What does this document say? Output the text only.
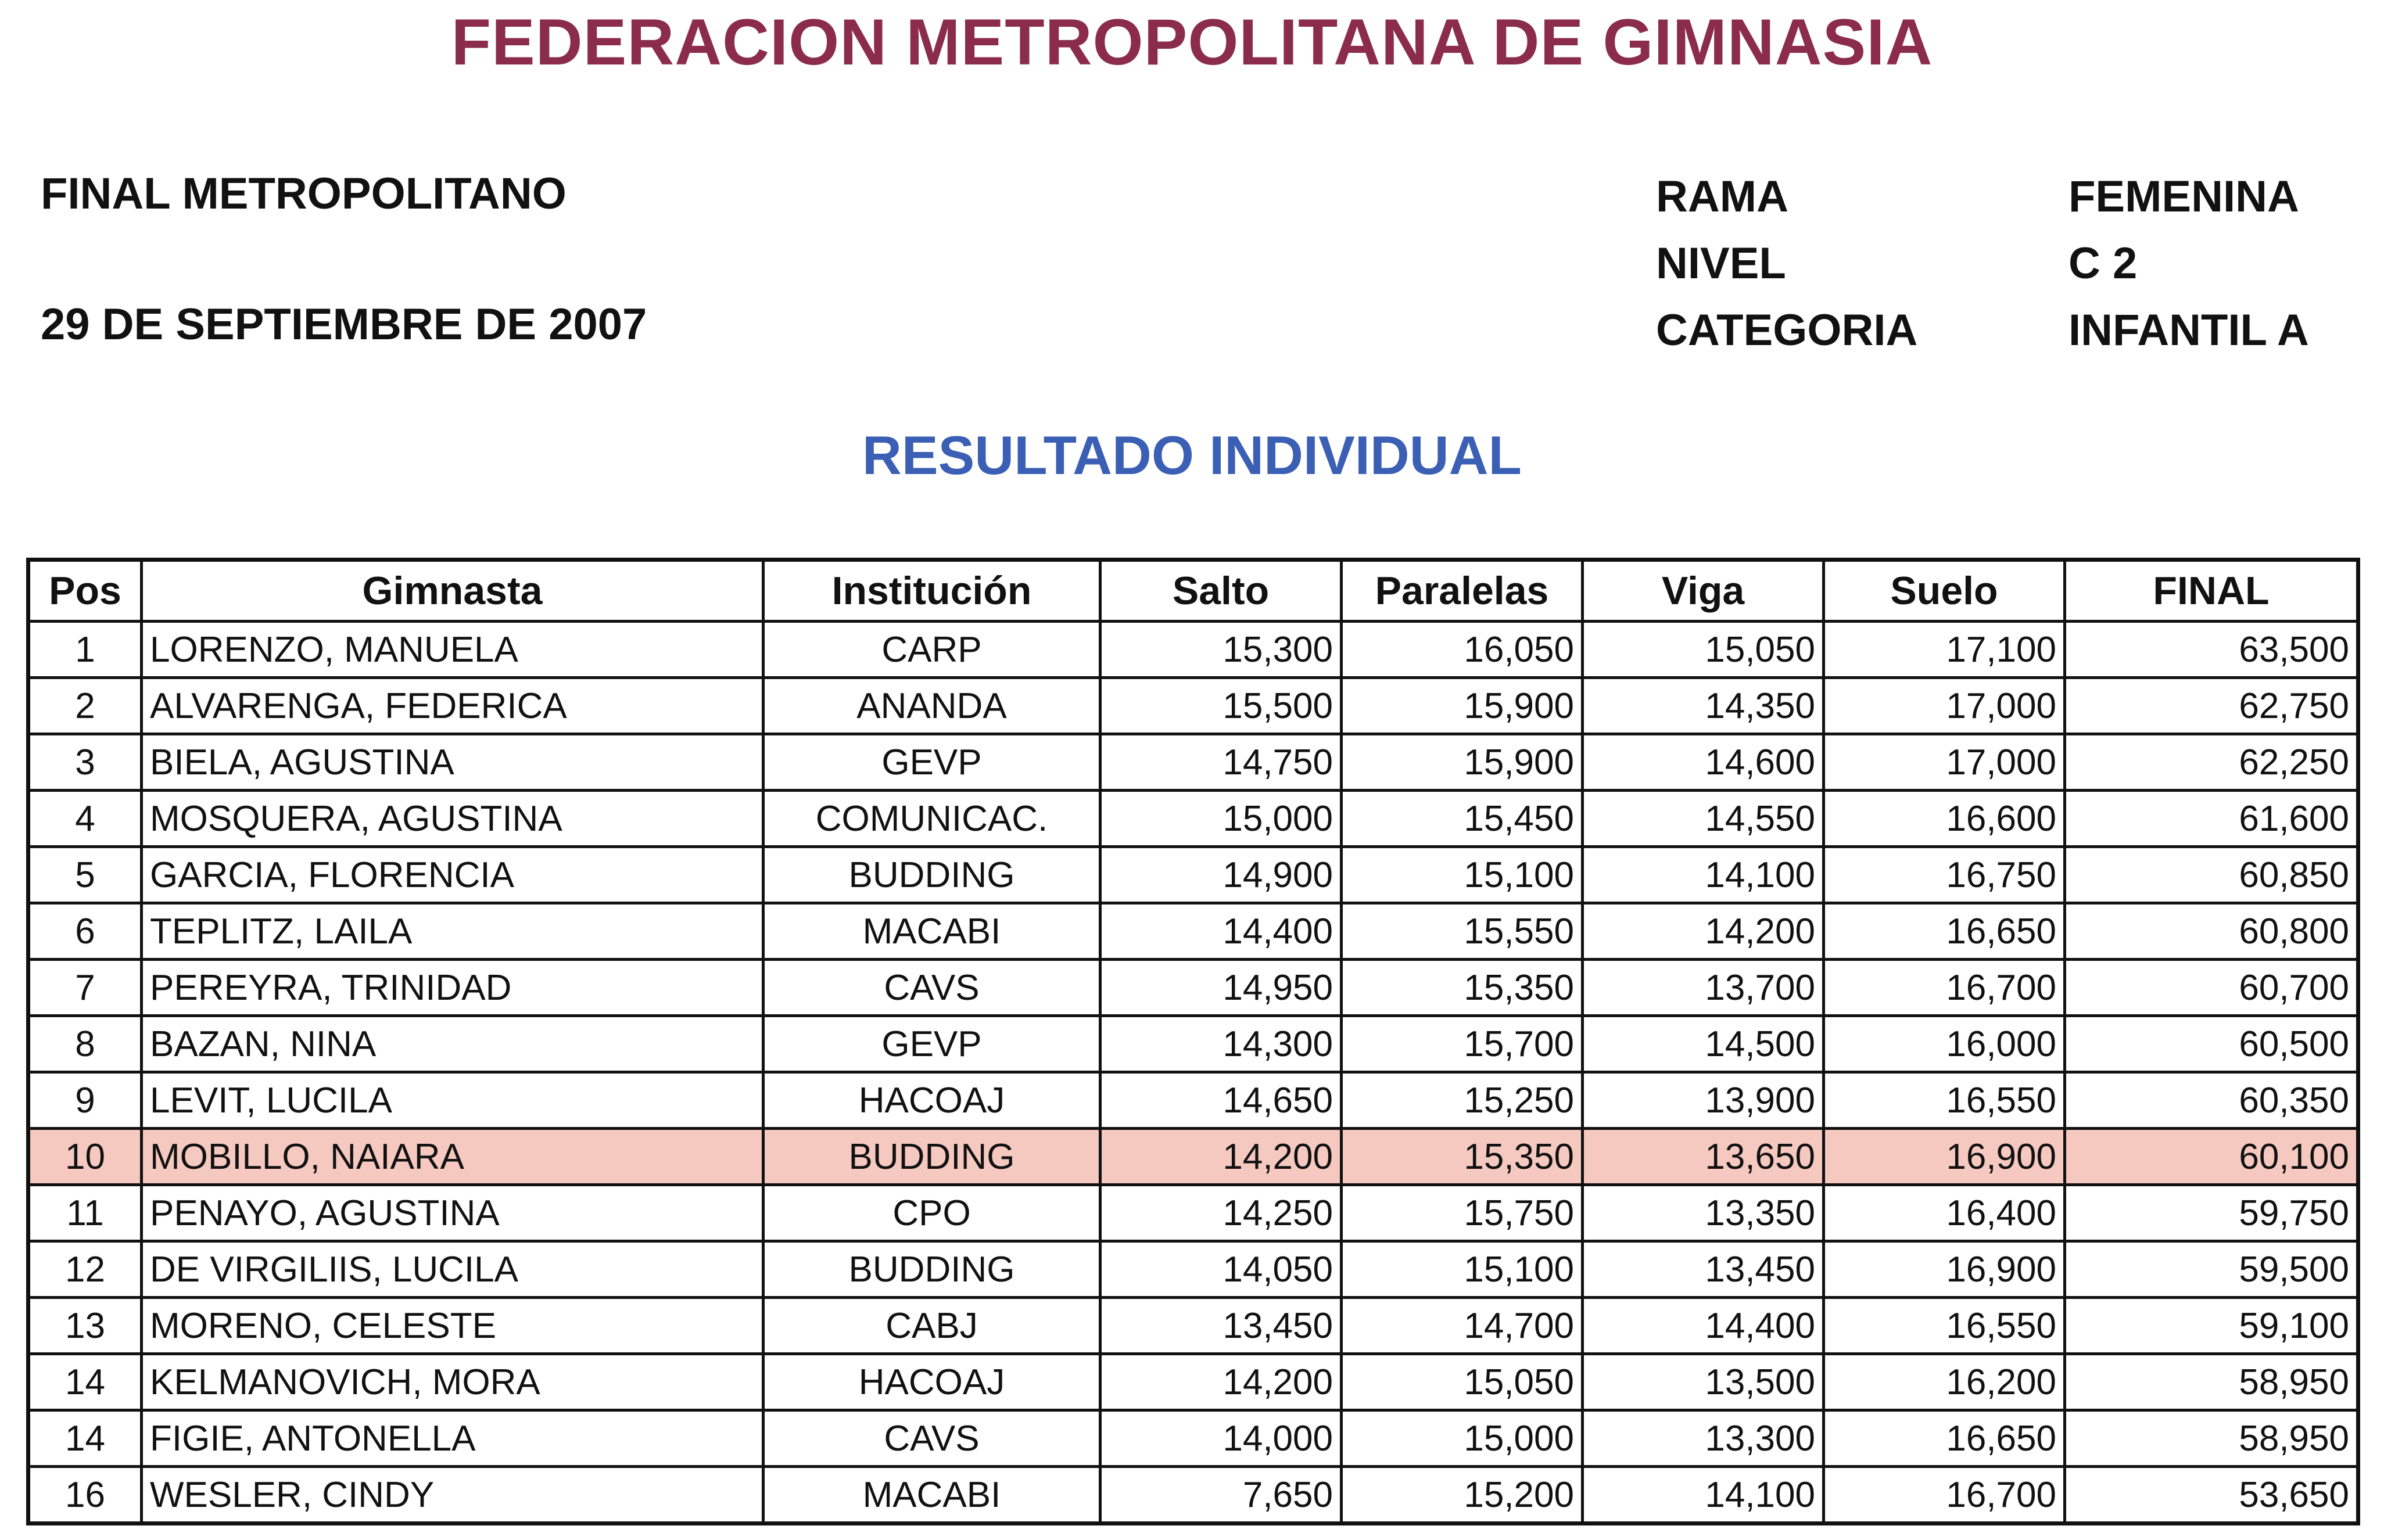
FEDERACION METROPOLITANA DE GIMNASIA
FINAL METROPOLITANO
29 DE SEPTIEMBRE DE 2007
RAMA	FEMENINA
NIVEL	C 2
CATEGORIA	INFANTIL A
RESULTADO INDIVIDUAL
Pos	Gimnasta	Institución	Salto	Paralelas	Viga	Suelo	FINAL
1	LORENZO, MANUELA	CARP	15,300	16,050	15,050	17,100	63,500
2	ALVARENGA, FEDERICA	ANANDA	15,500	15,900	14,350	17,000	62,750
3	BIELA, AGUSTINA	GEVP	14,750	15,900	14,600	17,000	62,250
4	MOSQUERA, AGUSTINA	COMUNICAC.	15,000	15,450	14,550	16,600	61,600
5	GARCIA, FLORENCIA	BUDDING	14,900	15,100	14,100	16,750	60,850
6	TEPLITZ, LAILA	MACABI	14,400	15,550	14,200	16,650	60,800
7	PEREYRA, TRINIDAD	CAVS	14,950	15,350	13,700	16,700	60,700
8	BAZAN, NINA	GEVP	14,300	15,700	14,500	16,000	60,500
9	LEVIT, LUCILA	HACOAJ	14,650	15,250	13,900	16,550	60,350
10	MOBILLO, NAIARA	BUDDING	14,200	15,350	13,650	16,900	60,100
11	PENAYO, AGUSTINA	CPO	14,250	15,750	13,350	16,400	59,750
12	DE VIRGILIIS, LUCILA	BUDDING	14,050	15,100	13,450	16,900	59,500
13	MORENO, CELESTE	CABJ	13,450	14,700	14,400	16,550	59,100
14	KELMANOVICH, MORA	HACOAJ	14,200	15,050	13,500	16,200	58,950
14	FIGIE, ANTONELLA	CAVS	14,000	15,000	13,300	16,650	58,950
16	WESLER, CINDY	MACABI	7,650	15,200	14,100	16,700	53,650
